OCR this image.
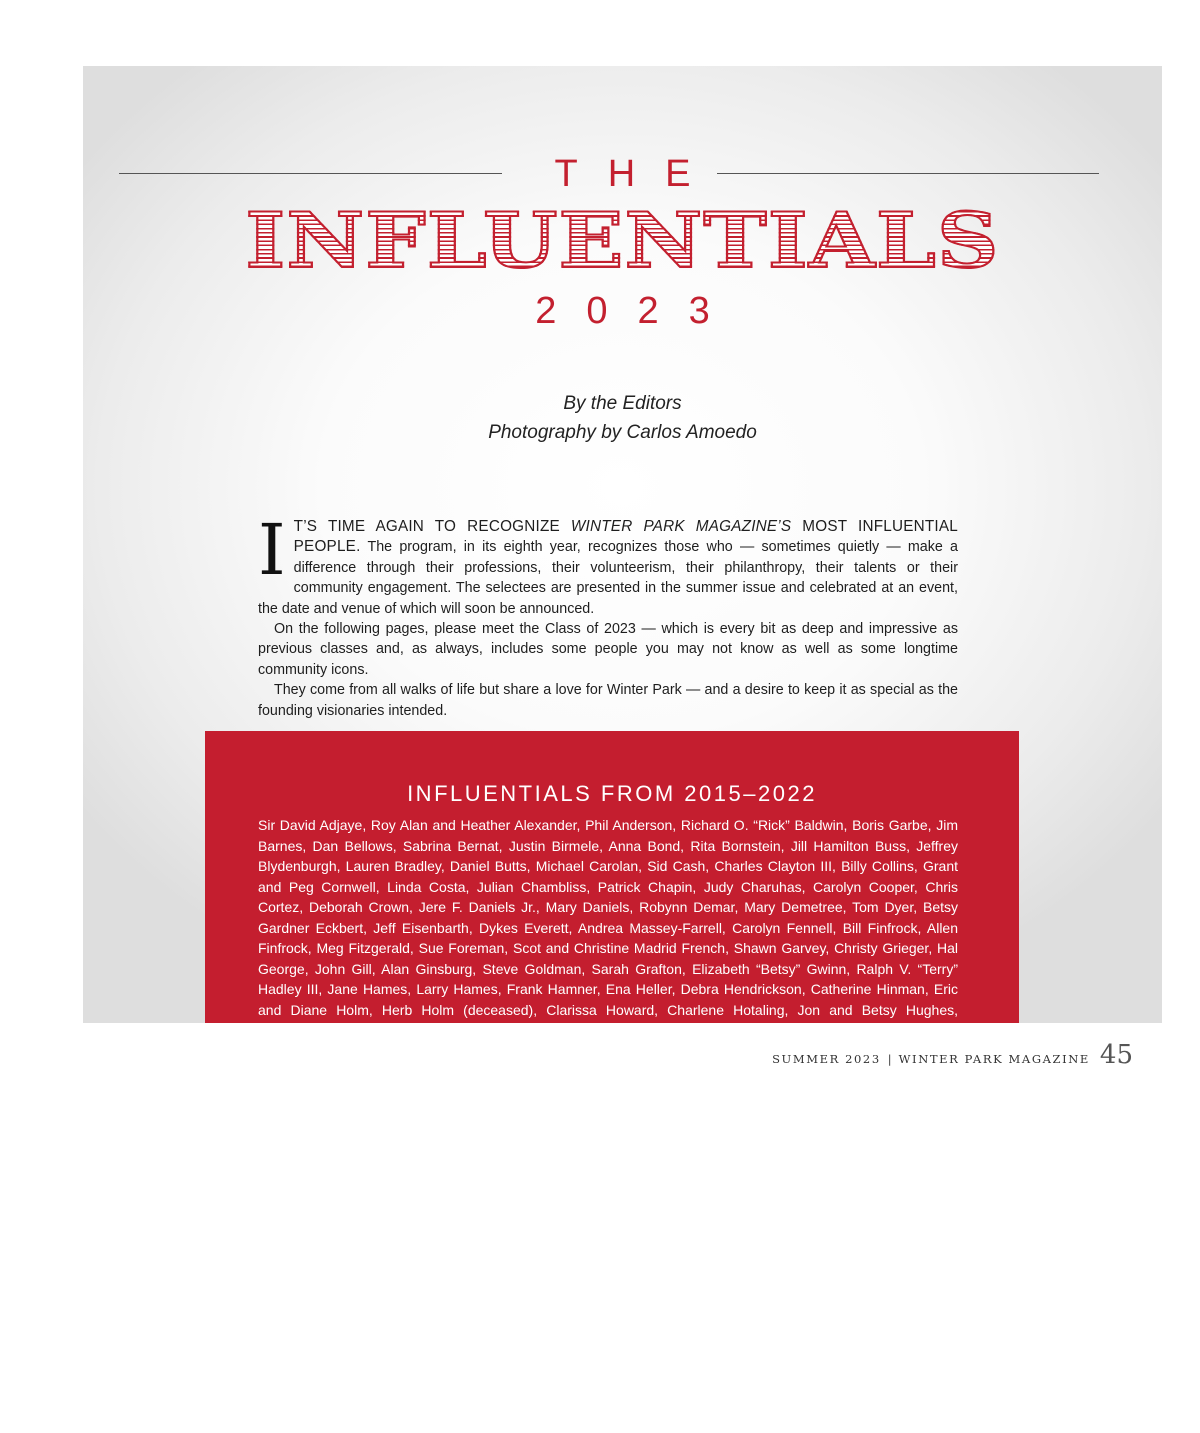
THE
INFLUENTIALS
2023
By the Editors
Photography by Carlos Amoedo

I T’S TIME AGAIN TO RECOGNIZE WINTER PARK MAGAZINE’S MOST INFLUENTIAL PEOPLE. The program, in its eighth year, recognizes those who — sometimes quietly — make a difference through their professions, their volunteerism, their philanthropy, their talents or their community engagement. The selectees are presented in the summer issue and celebrated at an event, the date and venue of which will soon be announced.

On the following pages, please meet the Class of 2023 — which is every bit as deep and impressive as previous classes and, as always, includes some people you may not know as well as some longtime community icons.

They come from all walks of life but share a love for Winter Park — and a desire to keep it as special as the founding visionaries intended.

INFLUENTIALS FROM 2015–2022

Sir David Adjaye, Roy Alan and Heather Alexander, Phil Anderson, Richard O. “Rick” Baldwin, Boris Garbe, Jim Barnes, Dan Bellows, Sabrina Bernat, Justin Birmele, Anna Bond, Rita Bornstein, Jill Hamilton Buss, Jeffrey Blydenburgh, Lauren Bradley, Daniel Butts, Michael Carolan, Sid Cash, Charles Clayton III, Billy Collins, Grant and Peg Cornwell, Linda Costa, Julian Chambliss, Patrick Chapin, Judy Charuhas, Carolyn Cooper, Chris Cortez, Deborah Crown, Jere F. Daniels Jr., Mary Daniels, Robynn Demar, Mary Demetree, Tom Dyer, Betsy Gardner Eckbert, Jeff Eisenbarth, Dykes Everett, Andrea Massey-Farrell, Carolyn Fennell, Bill Finfrock, Allen Finfrock, Meg Fitzgerald, Sue Foreman, Scot and Christine Madrid French, Shawn Garvey, Christy Grieger, Hal George, John Gill, Alan Ginsburg, Steve Goldman, Sarah Grafton, Elizabeth “Betsy” Gwinn, Ralph V. “Terry” Hadley III, Jane Hames, Larry Hames, Frank Hamner, Ena Heller, Debra Hendrickson, Catherine Hinman, Eric and Diane Holm, Herb Holm (deceased), Clarissa Howard, Charlene Hotaling, Jon and Betsy Hughes,

SUMMER 2023 | WINTER PARK MAGAZINE 45
